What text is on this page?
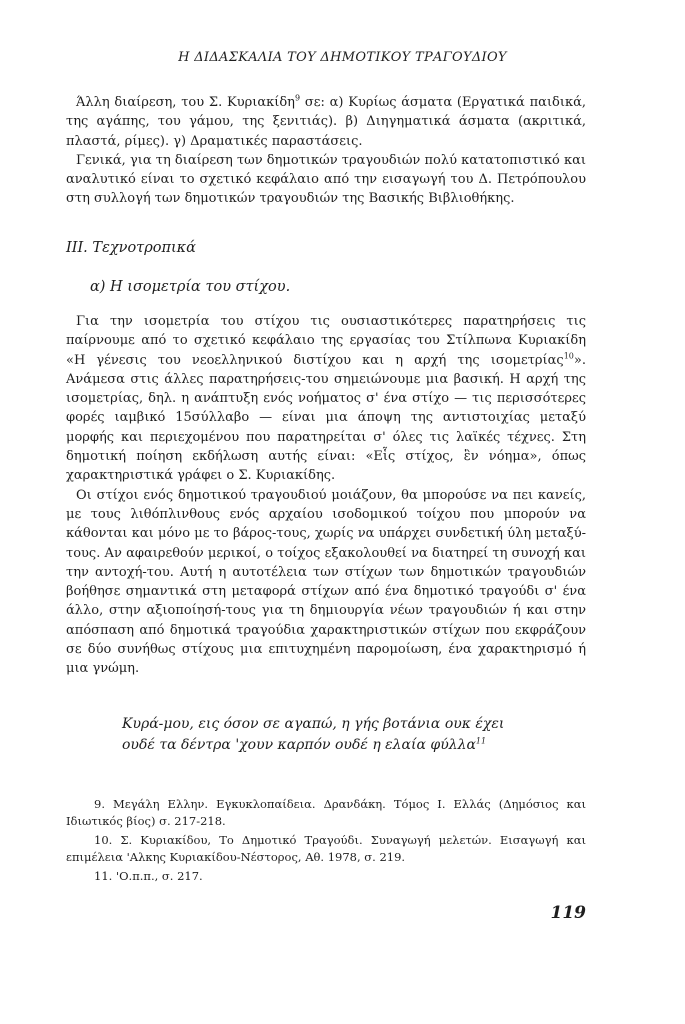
Η ΔΙΔΑΣΚΑΛΙΑ ΤΟΥ ΔΗΜΟΤΙΚΟΥ ΤΡΑΓΟΥΔΙΟΥ

Άλλη διαίρεση, του Σ. Κυριακίδη$^9$ σε: α) Κυρίως άσματα (Εργατικά παιδικά, της αγάπης, του γάμου, της ξενιτιάς). β) Διηγηματικά άσματα (ακριτικά, πλαστά, ρίμες). γ) Δραματικές παραστάσεις.

Γενικά, για τη διαίρεση των δημοτικών τραγουδιών πολύ κατατοπιστικό και αναλυτικό είναι το σχετικό κεφάλαιο από την εισαγωγή του Δ. Πετρόπουλου στη συλλογή των δημοτικών τραγουδιών της Βασικής Βιβλιοθήκης.

ΙΙΙ. Τεχνοτροπικά
α) Η ισομετρία του στίχου.

Για την ισομετρία του στίχου τις ουσιαστικότερες παρατηρήσεις τις παίρνουμε από το σχετικό κεφάλαιο της εργασίας του Στίλπωνα Κυριακίδη «Η γένεσις του νεοελληνικού διστίχου και η αρχή της ισομετρίας$^{10}$». Ανάμεσα στις άλλες παρατηρήσεις-του σημειώνουμε μια βασική. Η αρχή της ισομετρίας, δηλ. η ανάπτυξη ενός νοήματος σ' ένα στίχο — τις περισσότερες φορές ιαμβικό 15σύλλαβο — είναι μια άποψη της αντιστοιχίας μεταξύ μορφής και περιεχομένου που παρατηρείται σ' όλες τις λαϊκές τέχνες. Στη δημοτική ποίηση εκδήλωση αυτής είναι: «Εἷς στίχος, ἓν νόημα», όπως χαρακτηριστικά γράφει ο Σ. Κυριακίδης.

Οι στίχοι ενός δημοτικού τραγουδιού μοιάζουν, θα μπορούσε να πει κανείς, με τους λιθόπλινθους ενός αρχαίου ισοδομικού τοίχου που μπορούν να κάθονται και μόνο με το βάρος-τους, χωρίς να υπάρχει συνδετική ύλη μεταξύ-τους. Αν αφαιρεθούν μερικοί, ο τοίχος εξακολουθεί να διατηρεί τη συνοχή και την αντοχή-του. Αυτή η αυτοτέλεια των στίχων των δημοτικών τραγουδιών βοήθησε σημαντικά στη μεταφορά στίχων από ένα δημοτικό τραγούδι σ' ένα άλλο, στην αξιοποίησή-τους για τη δημιουργία νέων τραγουδιών ή και στην απόσπαση από δημοτικά τραγούδια χαρακτηριστικών στίχων που εκφράζουν σε δύο συνήθως στίχους μια επιτυχημένη παρομοίωση, ένα χαρακτηρισμό ή μια γνώμη.

Κυρά-μου, εις όσον σε αγαπώ, η γής βοτάνια ουκ έχει
ουδέ τα δέντρα 'χουν καρπόν ουδέ η ελαία φύλλα$^{11}$

9. Μεγάλη Ελλην. Εγκυκλοπαίδεια. Δρανδάκη. Τόμος Ι. Ελλάς (Δημόσιος και Ιδιωτικός βίος) σ. 217-218.

10. Σ. Κυριακίδου, Το Δημοτικό Τραγούδι. Συναγωγή μελετών. Εισαγωγή και επιμέλεια 'Αλκης Κυριακίδου-Νέστορος, Αθ. 1978, σ. 219.

11. 'Ο.π.π., σ. 217.

119
